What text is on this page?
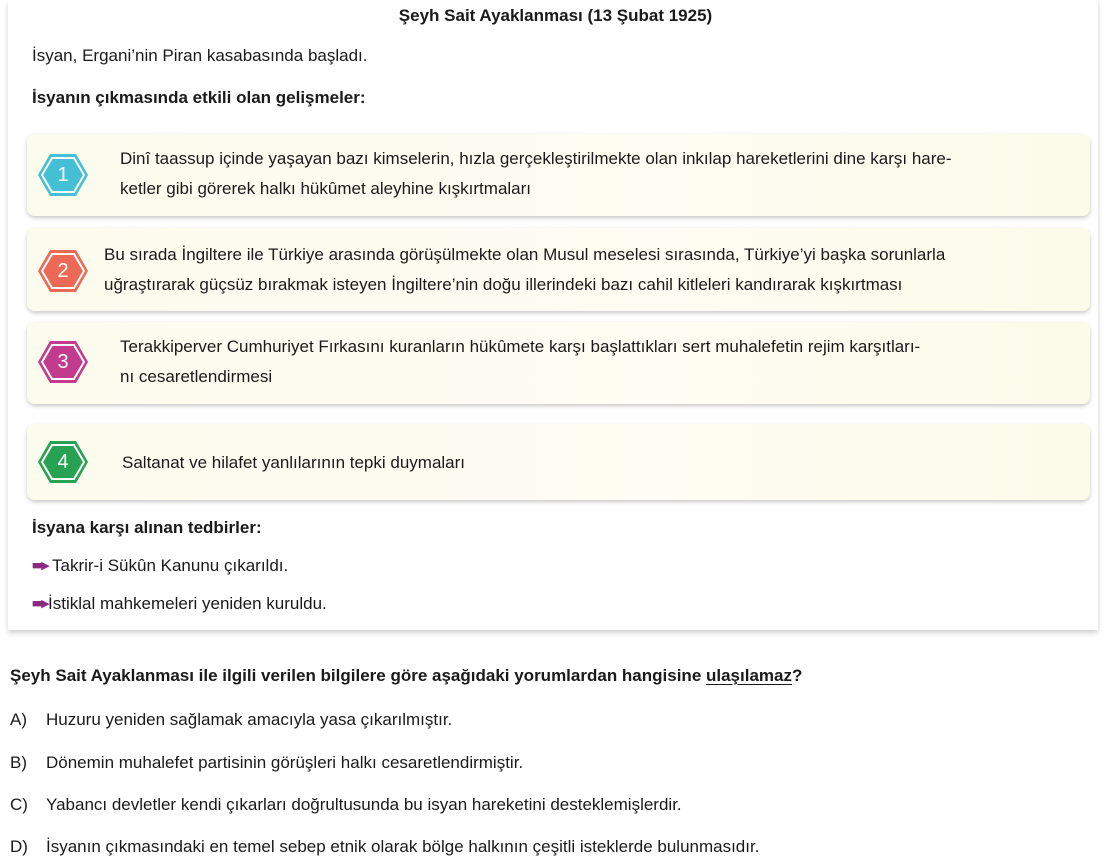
Şeyh Sait Ayaklanması (13 Şubat 1925)
İsyan, Ergani’nin Piran kasabasında başladı.
İsyanın çıkmasında etkili olan gelişmeler:
1
Dinî taassup içinde yaşayan bazı kimselerin, hızla gerçekleştirilmekte olan inkılap hareketlerini dine karşı hare-
ketler gibi görerek halkı hükûmet aleyhine kışkırtmaları
2
Bu sırada İngiltere ile Türkiye arasında görüşülmekte olan Musul meselesi sırasında, Türkiye’yi başka sorunlarla
uğraştırarak güçsüz bırakmak isteyen İngiltere’nin doğu illerindeki bazı cahil kitleleri kandırarak kışkırtması
3
Terakkiperver Cumhuriyet Fırkasını kuranların hükûmete karşı başlattıkları sert muhalefetin rejim karşıtları-
nı cesaretlendirmesi
4	Saltanat ve hilafet yanlılarının tepki duymaları
İsyana karşı alınan tedbirler:
■■▶ Takrir-i Sükûn Kanunu çıkarıldı.
■■▶İstiklal mahkemeleri yeniden kuruldu.
Şeyh Sait Ayaklanması ile ilgili verilen bilgilere göre aşağıdaki yorumlardan hangisine ulaşılamaz?
A) Huzuru yeniden sağlamak amacıyla yasa çıkarılmıştır.
B) Dönemin muhalefet partisinin görüşleri halkı cesaretlendirmiştir.
C) Yabancı devletler kendi çıkarları doğrultusunda bu isyan hareketini desteklemişlerdir.
D) İsyanın çıkmasındaki en temel sebep etnik olarak bölge halkının çeşitli isteklerde bulunmasıdır.
